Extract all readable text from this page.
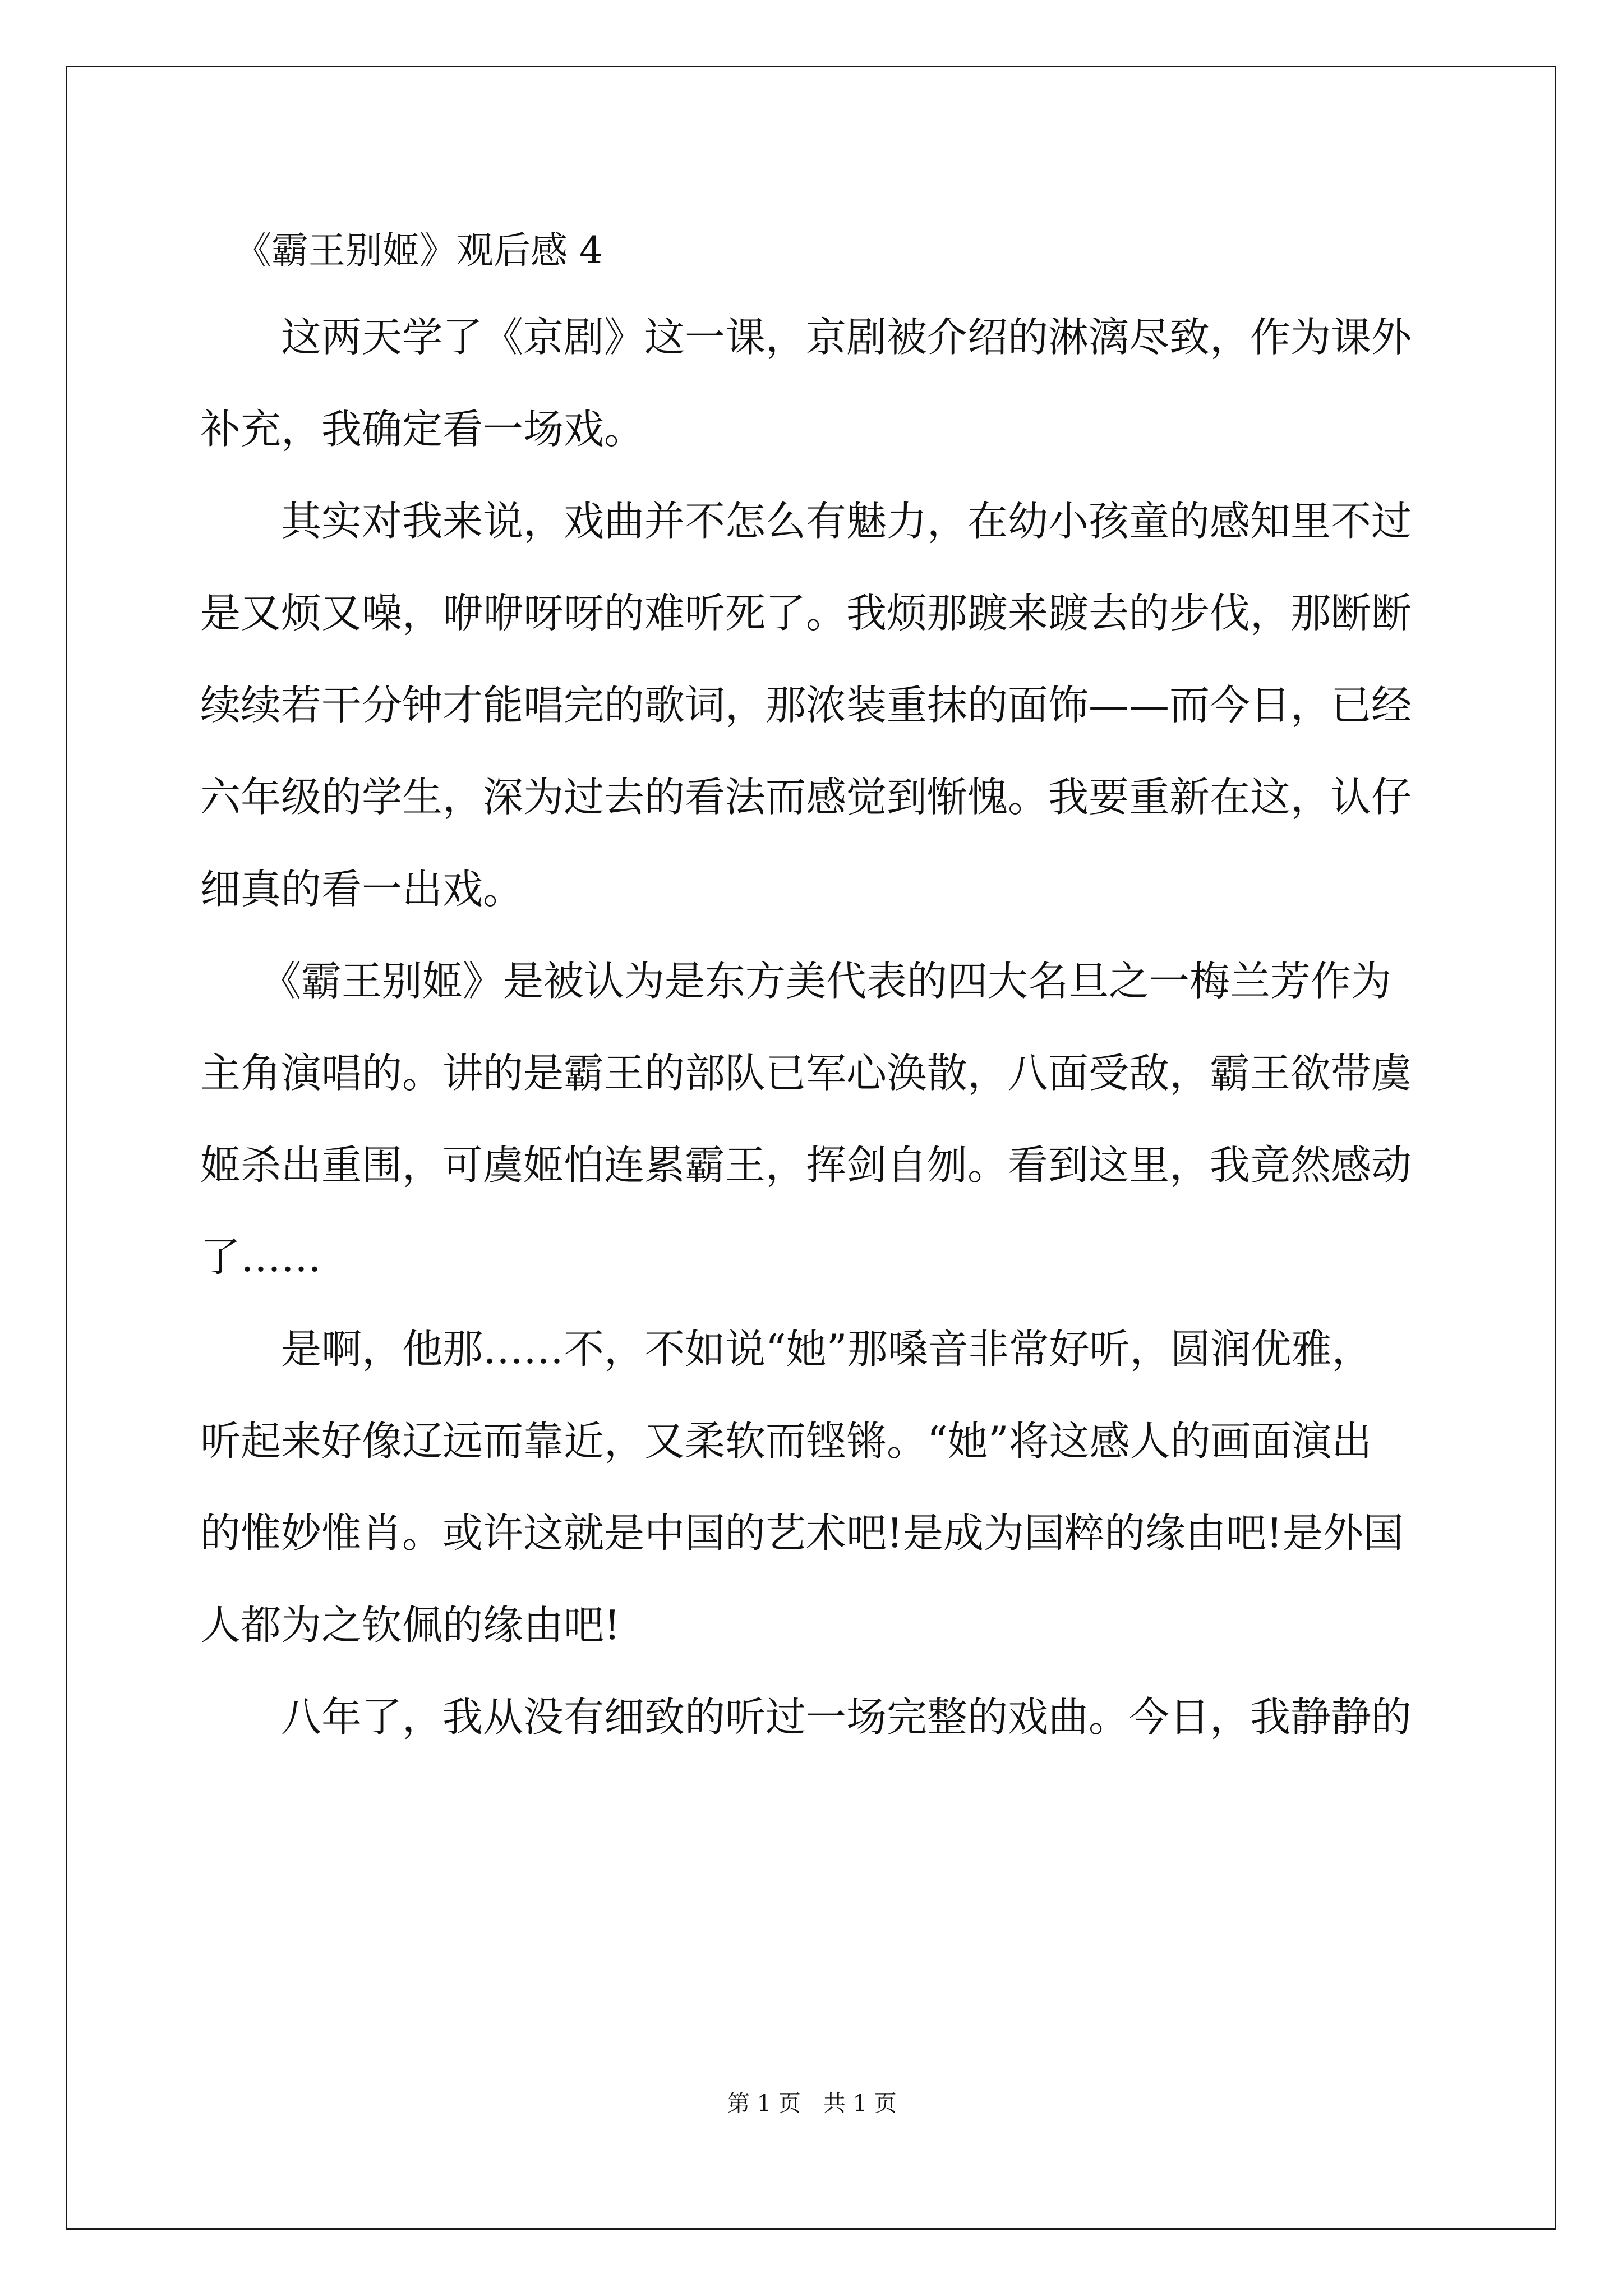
《霸王别姬》观后感 4
　　这两天学了《京剧》这一课，京剧被介绍的淋漓尽致，作为课外
补充，我确定看一场戏。
　　其实对我来说，戏曲并不怎么有魅力，在幼小孩童的感知里不过
是又烦又噪，咿咿呀呀的难听死了。我烦那踱来踱去的步伐，那断断
续续若干分钟才能唱完的歌词，那浓装重抹的面饰——而今日，已经
六年级的学生，深为过去的看法而感觉到惭愧。我要重新在这，认仔
细真的看一出戏。
　　《霸王别姬》是被认为是东方美代表的四大名旦之一梅兰芳作为
主角演唱的。讲的是霸王的部队已军心涣散，八面受敌，霸王欲带虞
姬杀出重围，可虞姬怕连累霸王，挥剑自刎。看到这里，我竟然感动
了……
　　是啊，他那……不，不如说“她”那嗓音非常好听，圆润优雅，
听起来好像辽远而靠近，又柔软而铿锵。“她”将这感人的画面演出
的惟妙惟肖。或许这就是中国的艺术吧!是成为国粹的缘由吧!是外国
人都为之钦佩的缘由吧!
　　八年了，我从没有细致的听过一场完整的戏曲。今日，我静静的
第 1 页　共 1 页
